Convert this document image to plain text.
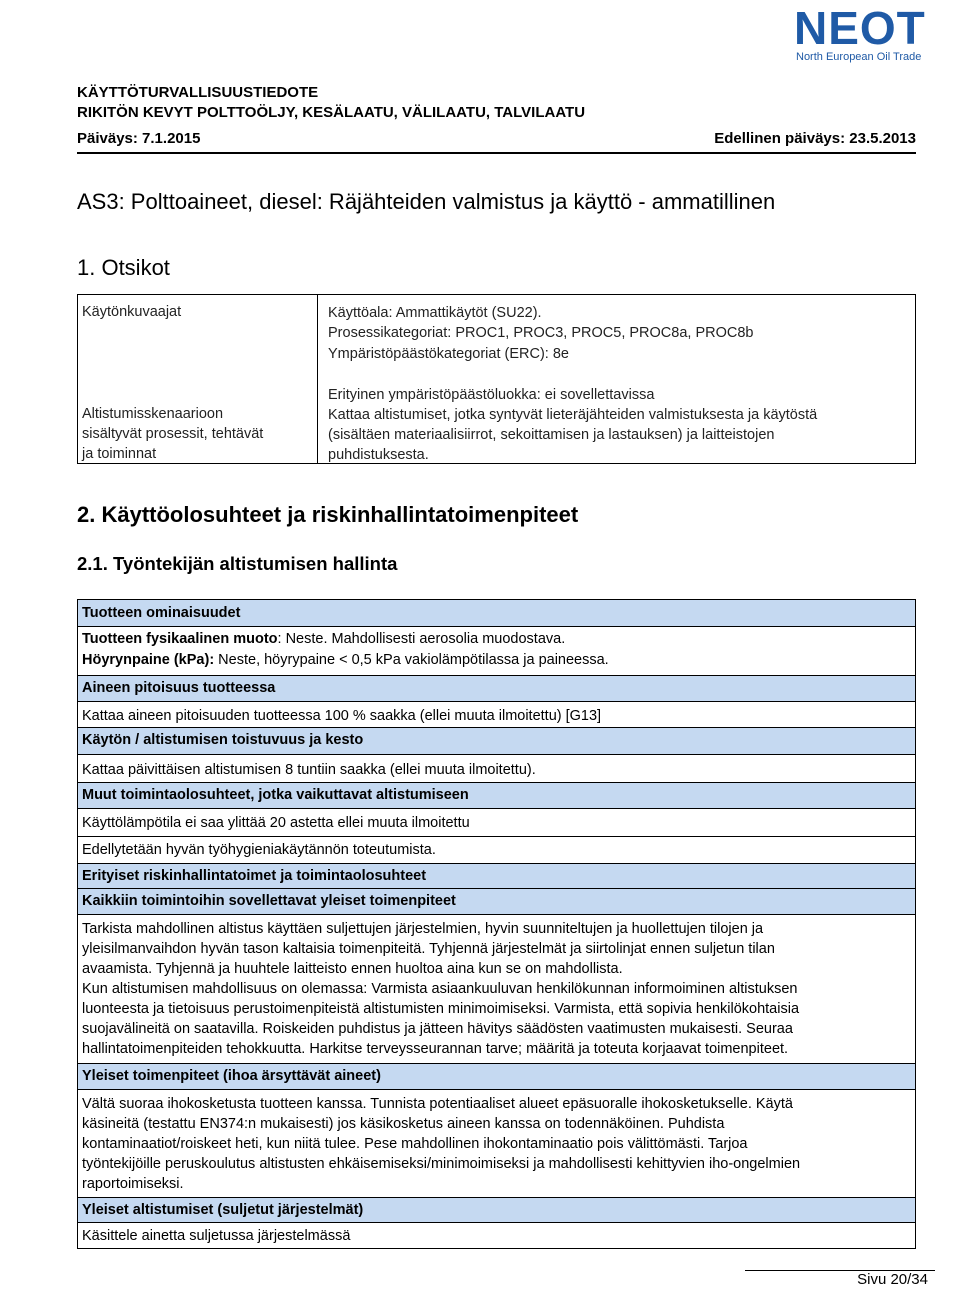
NEOT
North European Oil Trade
KÄYTTÖTURVALLISUUSTIEDOTE
RIKITÖN KEVYT POLTTOÖLJY, KESÄLAATU, VÄLILAATU, TALVILAATU
Päiväys: 7.1.2015	Edellinen päiväys: 23.5.2013
AS3: Polttoaineet, diesel: Räjähteiden valmistus ja käyttö - ammatillinen
1. Otsikot
Käytönkuvaajat	Käyttöala: Ammattikäytöt (SU22).
Prosessikategoriat: PROC1, PROC3, PROC5, PROC8a, PROC8b
Ympäristöpäästökategoriat (ERC): 8e
Erityinen ympäristöpäästöluokka: ei sovellettavissa
Altistumisskenaarioon
sisältyvät prosessit, tehtävät
ja toiminnat
Kattaa altistumiset, jotka syntyvät lieteräjähteiden valmistuksesta ja käytöstä
(sisältäen materiaalisiirrot, sekoittamisen ja lastauksen) ja laitteistojen
puhdistuksesta.
2. Käyttöolosuhteet ja riskinhallintatoimenpiteet
2.1. Työntekijän altistumisen hallinta
Tuotteen ominaisuudet
Tuotteen fysikaalinen muoto: Neste. Mahdollisesti aerosolia muodostava.
Höyrynpaine (kPa): Neste, höyrypaine < 0,5 kPa vakiolämpötilassa ja paineessa.
Aineen pitoisuus tuotteessa
Kattaa aineen pitoisuuden tuotteessa 100 % saakka (ellei muuta ilmoitettu) [G13]
Käytön / altistumisen toistuvuus ja kesto
Kattaa päivittäisen altistumisen 8 tuntiin saakka (ellei muuta ilmoitettu).
Muut toimintaolosuhteet, jotka vaikuttavat altistumiseen
Käyttölämpötila ei saa ylittää 20 astetta ellei muuta ilmoitettu
Edellytetään hyvän työhygieniakäytännön toteutumista.
Erityiset riskinhallintatoimet ja toimintaolosuhteet
Kaikkiin toimintoihin sovellettavat yleiset toimenpiteet
Tarkista mahdollinen altistus käyttäen suljettujen järjestelmien, hyvin suunniteltujen ja huollettujen tilojen ja
yleisilmanvaihdon hyvän tason kaltaisia toimenpiteitä. Tyhjennä järjestelmät ja siirtolinjat ennen suljetun tilan
avaamista. Tyhjennä ja huuhtele laitteisto ennen huoltoa aina kun se on mahdollista.
Kun altistumisen mahdollisuus on olemassa: Varmista asiaankuuluvan henkilökunnan informoiminen altistuksen
luonteesta ja tietoisuus perustoimenpiteistä altistumisten minimoimiseksi. Varmista, että sopivia henkilökohtaisia
suojavälineitä on saatavilla. Roiskeiden puhdistus ja jätteen hävitys säädösten vaatimusten mukaisesti. Seuraa
hallintatoimenpiteiden tehokkuutta. Harkitse terveysseurannan tarve; määritä ja toteuta korjaavat toimenpiteet.
Yleiset toimenpiteet (ihoa ärsyttävät aineet)
Vältä suoraa ihokosketusta tuotteen kanssa. Tunnista potentiaaliset alueet epäsuoralle ihokosketukselle. Käytä
käsineitä (testattu EN374:n mukaisesti) jos käsikosketus aineen kanssa on todennäköinen. Puhdista
kontaminaatiot/roiskeet heti, kun niitä tulee. Pese mahdollinen ihokontaminaatio pois välittömästi. Tarjoa
työntekijöille peruskoulutus altistusten ehkäisemiseksi/minimoimiseksi ja mahdollisesti kehittyvien iho-ongelmien
raportoimiseksi.
Yleiset altistumiset (suljetut järjestelmät)
Käsittele ainetta suljetussa järjestelmässä
Sivu 20/34
